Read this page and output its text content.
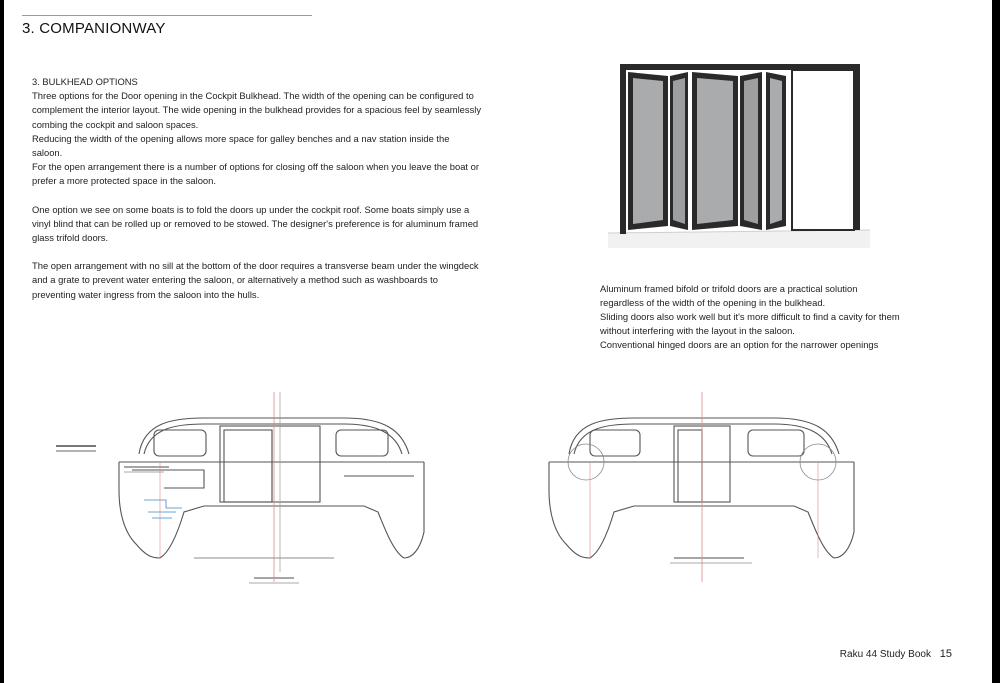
3. COMPANIONWAY

3. BULKHEAD OPTIONS

Three options for the Door opening in the Cockpit Bulkhead. The width of the opening can be configured to complement the interior layout. The wide opening in the bulkhead provides for a spacious feel by seamlessly combing the cockpit and saloon spaces.

Reducing the width of the opening allows more space for galley benches and a nav station inside the saloon.

For the open arrangement there is a number of options for closing off the saloon when you leave the boat or prefer a more protected space in the saloon.

One option we see on some boats is to fold the doors up under the cockpit roof. Some boats simply use a vinyl blind that can be rolled up or removed to be stowed. The designer's preference is for aluminum framed glass trifold doors.

The open arrangement with no sill at the bottom of the door requires a transverse beam under the wingdeck and a grate to prevent water entering the saloon, or alternatively a method such as washboards to preventing water ingress from the saloon into the hulls.

Aluminum framed bifold or trifold doors are a practical solution regardless of the width of the opening in the bulkhead.

Sliding doors also work well but it's more difficult to find a cavity for them without interfering with the layout in the saloon.

Conventional hinged doors are an option for the narrower openings

Raku 44 Study Book 15
